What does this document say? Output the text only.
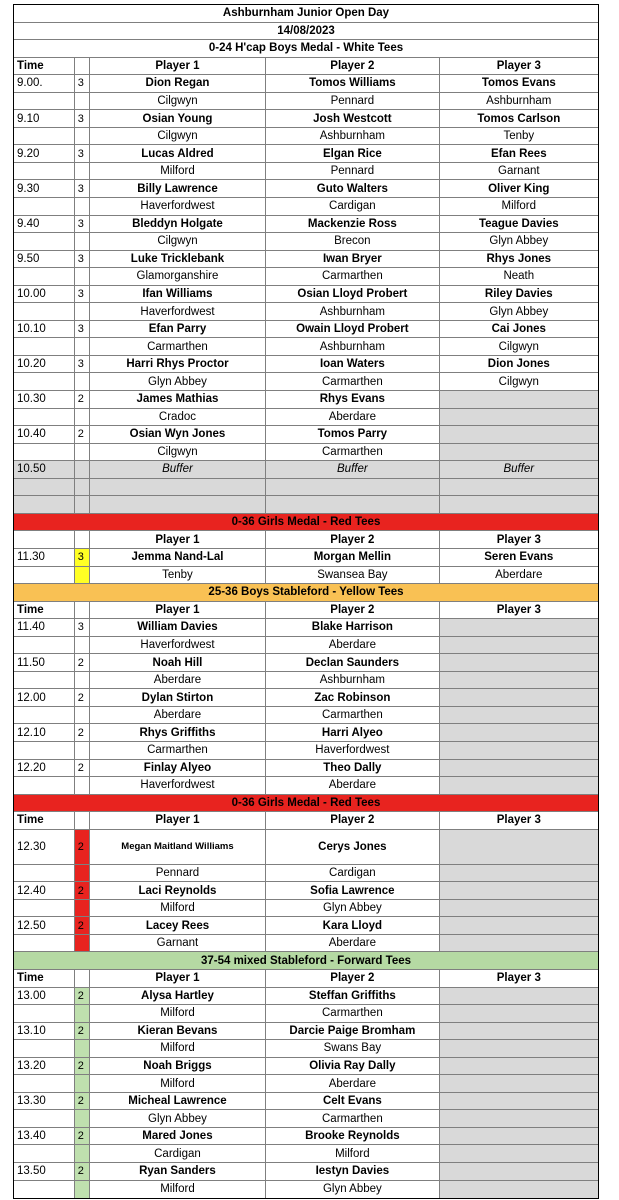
Ashburnham Junior Open Day
14/08/2023
0-24 H'cap Boys Medal - White Tees
Time	Player 1	Player 2	Player 3
9.00.	3	Dion Regan	Tomos Williams	Tomos Evans
Cilgwyn	Pennard	Ashburnham
9.10	3	Osian Young	Josh Westcott	Tomos Carlson
Cilgwyn	Ashburnham	Tenby
9.20	3	Lucas Aldred	Elgan Rice	Efan Rees
Milford	Pennard	Garnant
9.30	3	Billy Lawrence	Guto Walters	Oliver King
Haverfordwest	Cardigan	Milford
9.40	3	Bleddyn Holgate	Mackenzie Ross	Teague Davies
Cilgwyn	Brecon	Glyn Abbey
9.50	3	Luke Tricklebank	Iwan Bryer	Rhys Jones
Glamorganshire	Carmarthen	Neath
10.00	3	Ifan Williams	Osian Lloyd Probert	Riley Davies
Haverfordwest	Ashburnham	Glyn Abbey
10.10	3	Efan Parry	Owain Lloyd Probert	Cai Jones
Carmarthen	Ashburnham	Cilgwyn
10.20	3	Harri Rhys Proctor	Ioan Waters	Dion Jones
Glyn Abbey	Carmarthen	Cilgwyn
10.30	2	James Mathias	Rhys Evans
Cradoc	Aberdare
10.40	2	Osian Wyn Jones	Tomos Parry
Cilgwyn	Carmarthen
10.50	Buffer	Buffer	Buffer
0-36 Girls Medal - Red Tees
Player 1	Player 2	Player 3
11.30	3	Jemma Nand-Lal	Morgan Mellin	Seren Evans
Tenby	Swansea Bay	Aberdare
25-36 Boys Stableford - Yellow Tees
Time	Player 1	Player 2	Player 3
11.40	3	William Davies	Blake Harrison
Haverfordwest	Aberdare
11.50	2	Noah Hill	Declan Saunders
Aberdare	Ashburnham
12.00	2	Dylan Stirton	Zac Robinson
Aberdare	Carmarthen
12.10	2	Rhys Griffiths	Harri Alyeo
Carmarthen	Haverfordwest
12.20	2	Finlay Alyeo	Theo Dally
Haverfordwest	Aberdare
0-36 Girls Medal - Red Tees
Time	Player 1	Player 2	Player 3
12.30	2	Megan Maitland Williams	Cerys Jones
Pennard	Cardigan
12.40	2	Laci Reynolds	Sofia Lawrence
Milford	Glyn Abbey
12.50	2	Lacey Rees	Kara Lloyd
Garnant	Aberdare
37-54 mixed Stableford - Forward Tees
Time	Player 1	Player 2	Player 3
13.00	2	Alysa Hartley	Steffan Griffiths
Milford	Carmarthen
13.10	2	Kieran Bevans	Darcie Paige Bromham
Milford	Swans Bay
13.20	2	Noah Briggs	Olivia Ray Dally
Milford	Aberdare
13.30	2	Micheal Lawrence	Celt Evans
Glyn Abbey	Carmarthen
13.40	2	Mared Jones	Brooke Reynolds
Cardigan	Milford
13.50	2	Ryan Sanders	Iestyn Davies
Milford	Glyn Abbey
